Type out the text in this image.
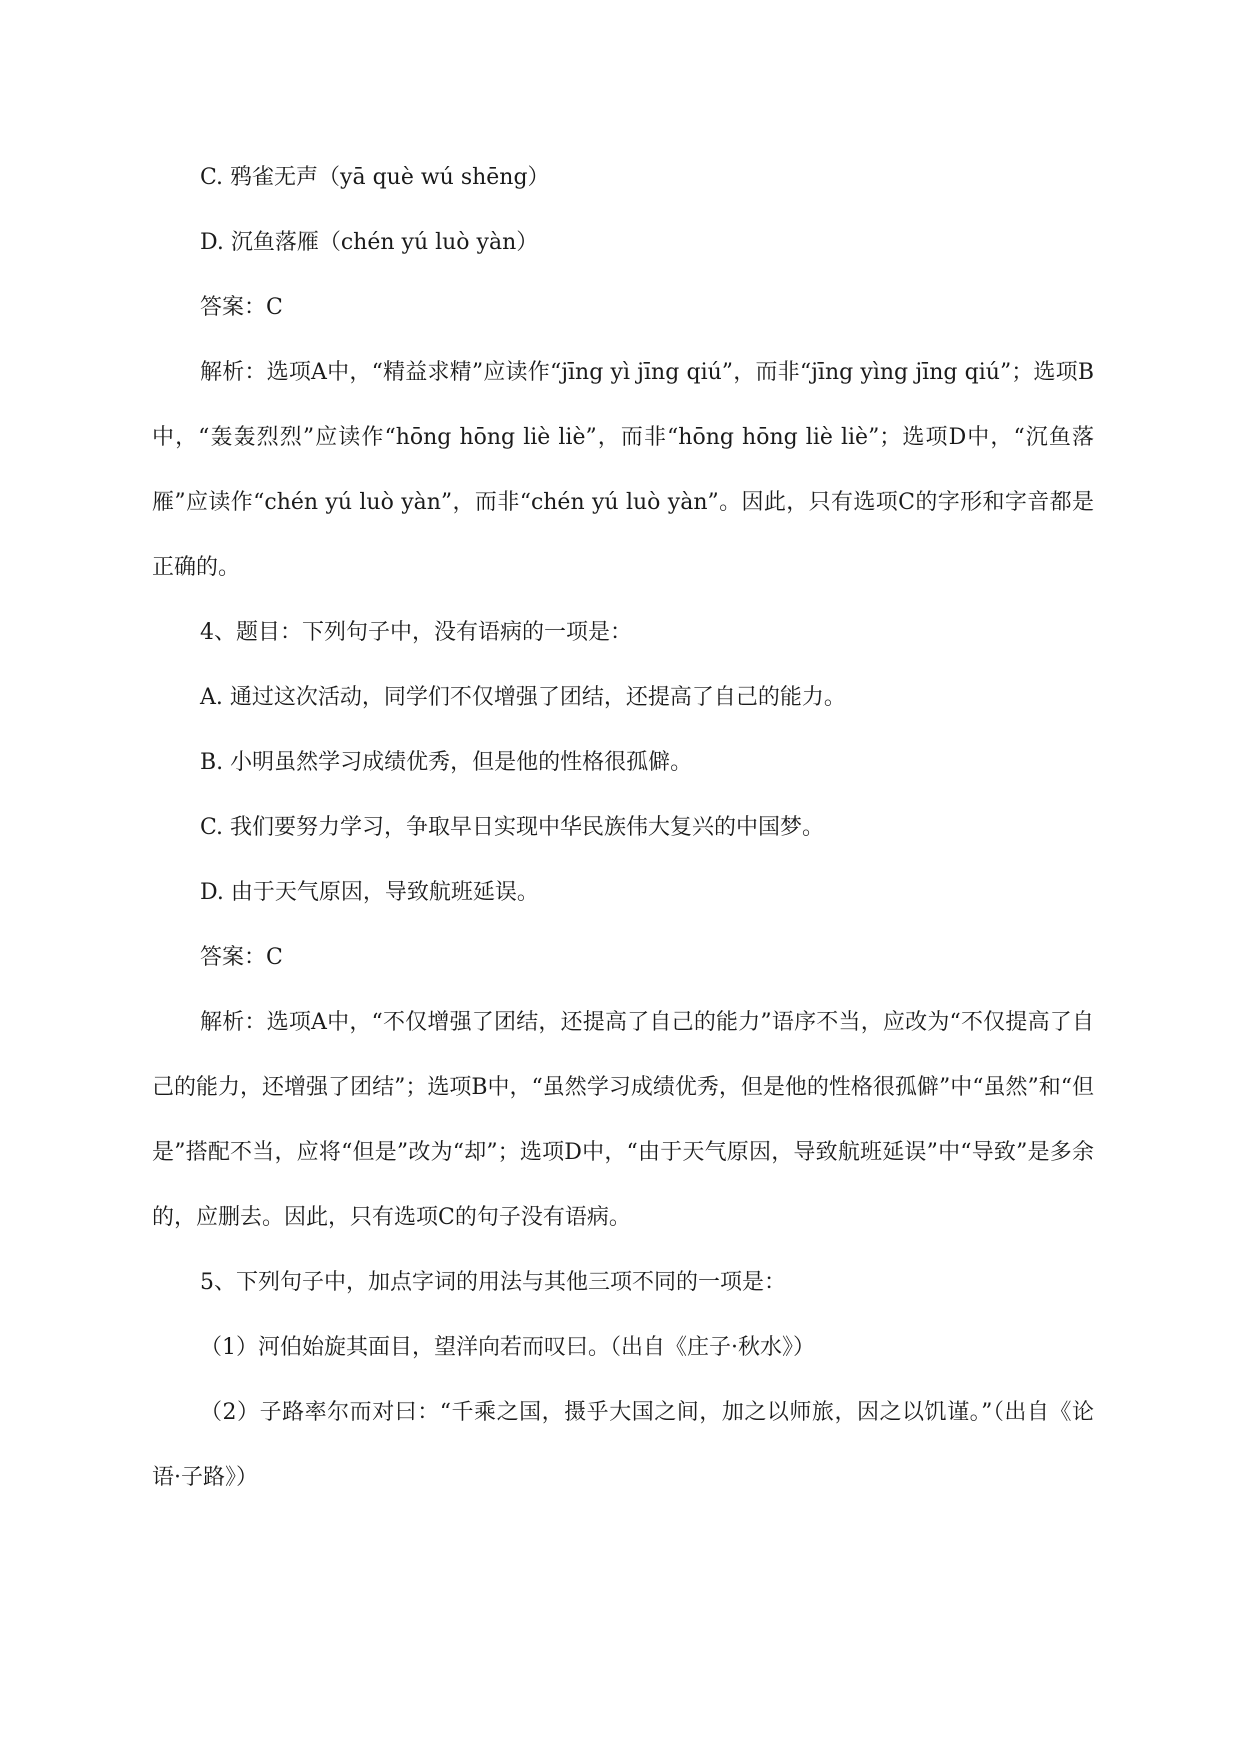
C. 鸦雀无声（yā què wú shēng）

D. 沉鱼落雁（chén yú luò yàn）

答案：C

解析：选项A中，“精益求精”应读作“jīng yì jīng qiú”，而非“jīng yìng jīng qiú”；选项B中，“轰轰烈烈”应读作“hōng hōng liè liè”，而非“hōng hōng liè liè”；选项D中，“沉鱼落雁”应读作“chén yú luò yàn”，而非“chén yú luò yàn”。因此，只有选项C的字形和字音都是正确的。

4、题目：下列句子中，没有语病的一项是：

A. 通过这次活动，同学们不仅增强了团结，还提高了自己的能力。

B. 小明虽然学习成绩优秀，但是他的性格很孤僻。

C. 我们要努力学习，争取早日实现中华民族伟大复兴的中国梦。

D. 由于天气原因，导致航班延误。

答案：C

解析：选项A中，“不仅增强了团结，还提高了自己的能力”语序不当，应改为“不仅提高了自己的能力，还增强了团结”；选项B中，“虽然学习成绩优秀，但是他的性格很孤僻”中“虽然”和“但是”搭配不当，应将“但是”改为“却”；选项D中，“由于天气原因，导致航班延误”中“导致”是多余的，应删去。因此，只有选项C的句子没有语病。

5、下列句子中，加点字词的用法与其他三项不同的一项是：

（1）河伯始旋其面目，望洋向若而叹曰。（出自《庄子·秋水》）

（2）子路率尔而对曰：“千乘之国，摄乎大国之间，加之以师旅，因之以饥谨。”（出自《论语·子路》）
